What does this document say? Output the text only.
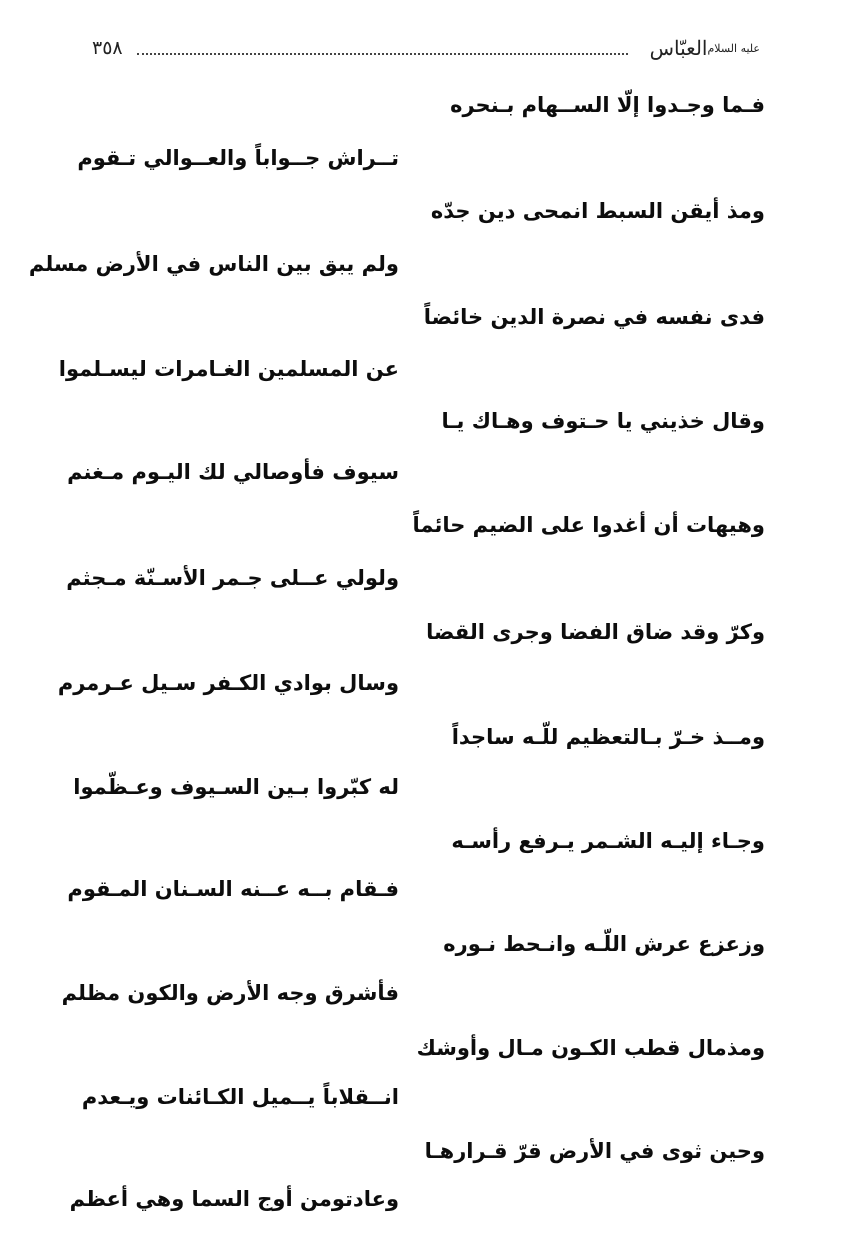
٣٥٨	العبّاس عليه السلام
فـما وجـدوا إلّا الســهام بـنحره
تــراش جــواباً والعــوالي تـقوم
ومذ أيقن السبط انمحى دين جدّه
ولم يبق بين الناس في الأرض مسلم
فدى نفسه في نصرة الدين خائضاً
عن المسلمين الغـامرات ليسـلموا
وقال خذيني يا حـتوف وهـاك يـا
سيوف فأوصالي لك اليـوم مـغنم
وهيهات أن أغدوا على الضيم حائماً
ولولي عــلى جـمر الأسـنّة مـجثم
وكرّ وقد ضاق الفضا وجرى القضا
وسال بوادي الكـفر سـيل عـرمرم
ومــذ خـرّ بـالتعظيم للّـه ساجداً
له كبّروا بـين السـيوف وعـظّموا
وجـاء إليـه الشـمر يـرفع رأسـه
فـقام بــه عــنه السـنان المـقوم
وزعزع عرش اللّـه وانـحط نـوره
فأشرق وجه الأرض والكون مظلم
ومذمال قطب الكـون مـال وأوشك
انــقلاباً يــميل الكـائنات ويـعدم
وحين ثوى في الأرض قرّ قـرارهـا
وعادتومن أوج السما وهي أعظم
